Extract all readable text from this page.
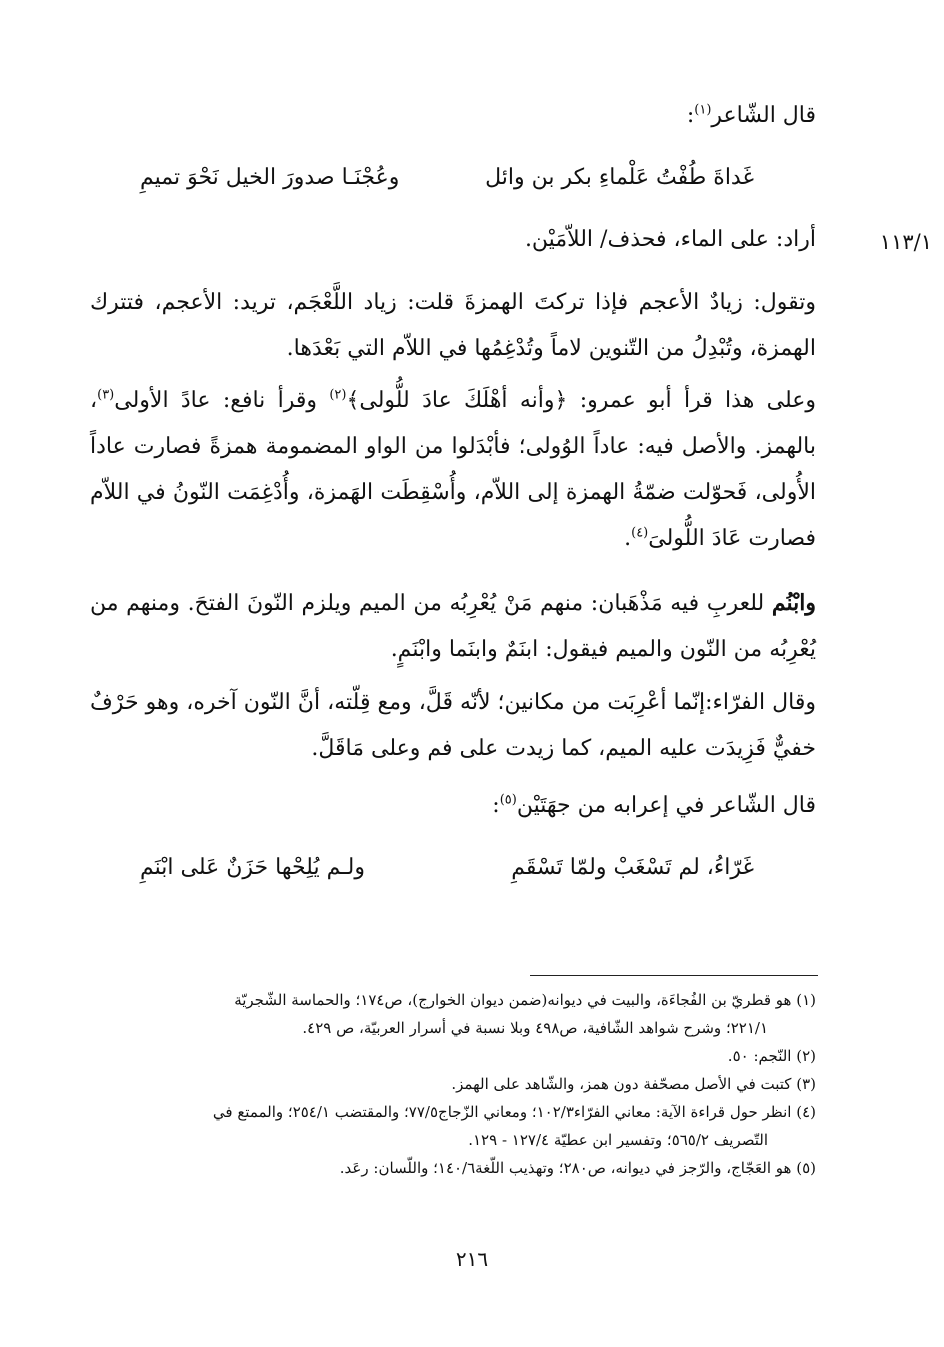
قال الشّاعر$^{(١)}$:

غَداةَ طُفْتُ عَلْماءِ بكر بن وائل
وعُجْنَـا صدورَ الخيل نَحْوَ تميمِ
١١٣/١

أراد: على الماء، فحذف/ اللاّمَيْن.

وتقول: زيادٌ الأعجم فإذا تركتَ الهمزةَ قلت: زياد اللَّعْجَم، تريد: الأعجم، فتترك الهمزة، وتُبْدِلُ من التّنوين لاماً وتُدْغِمُها في اللاّم التي بَعْدَها.

وعلى هذا قرأ أبو عمرو: ﴿وأنه أهْلَكَ عادَ للُّولى﴾$^{(٢)}$ وقرأ نافع: عادً الأولى$^{(٣)}$، بالهمز. والأصل فيه: عاداً الوُولى؛ فأبْدَلوا من الواو المضمومة همزةً فصارت عاداً الأُولى، فَحوّلت ضمّةُ الهمزة إلى اللاّم، وأُسْقِطَت الهَمزة، وأُدْغِمَت النّونُ في اللاّم فصارت عَادَ اللُّولىَ$^{(٤)}$.

وابْنُم للعربِ فيه مَذْهَبان: منهم مَنْ يُعْرِبُه من الميم ويلزم النّونَ الفتحَ. ومنهم من يُعْرِبُه من النّون والميم فيقول: ابنَمٌ وابنَما وابْنَمٍ.

وقال الفرّاء:إنّما أعْرِبَت من مكانين؛ لأنّه قَلَّ، ومع قِلّته، أنَّ النّون آخره، وهو حَرْفٌ خفيٌّ فَزِيدَت عليه الميم، كما زيدت على فم وعلى مَاقَلَّ.

قال الشّاعر في إعرابه من جهَتَيْن$^{(٥)}$:

غَرّاءُ، لم تَسْغَبْ ولمّا تَسْقَمِ
ولـم يُلِحْها حَزَنٌ عَلى ابْنَمِ

(١) هو قطريّ بن الفُجاءَة، والبيت في ديوانه(ضمن ديوان الخوارج)، ص١٧٤؛ والحماسة الشّجريّة

٢٢١/١؛ وشرح شواهد الشّافية، ص٤٩٨ وبلا نسبة في أسرار العربيّة، ص ٤٢٩.

(٢) النّجم: ٥٠.

(٣) كتبت في الأصل مصحّفة دون همز، والشّاهد على الهمز.

(٤) انظر حول قراءة الآية: معاني الفرّاء١٠٢/٣؛ ومعاني الزّجاج٧٧/٥؛ والمقتضب ٢٥٤/١؛ والممتع في

التّصريف ٥٦٥/٢؛ وتفسير ابن عطيّة ١٢٧/٤ - ١٢٩.

(٥) هو العَجّاج، والرّجز في ديوانه، ص٢٨٠؛ وتهذيب اللّغة١٤٠/٦؛ واللّسان: رعَد.

٢١٦
